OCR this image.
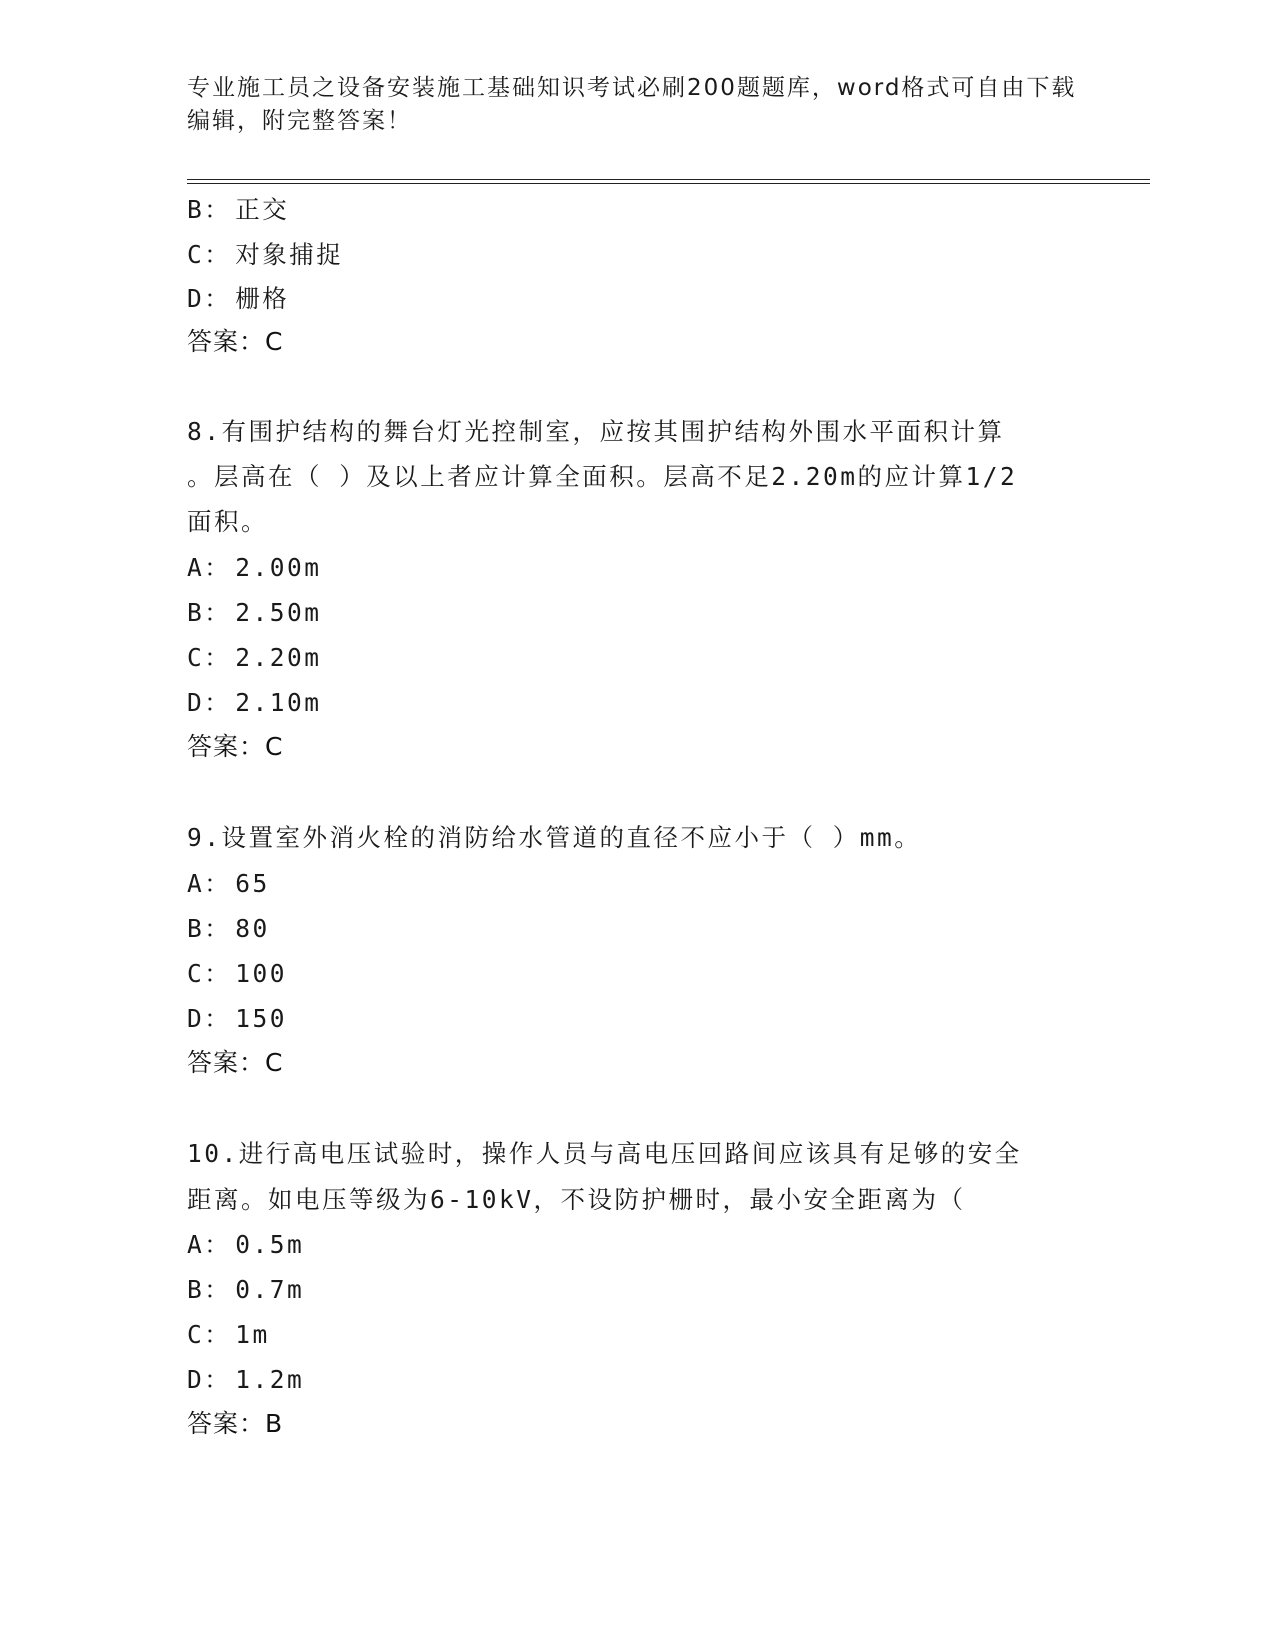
专业施工员之设备安装施工基础知识考试必刷200题题库，word格式可自由下载
编辑，附完整答案！
B： 正交
C： 对象捕捉
D： 栅格
答案：C
8.有围护结构的舞台灯光控制室，应按其围护结构外围水平面积计算
。层高在（ ）及以上者应计算全面积。层高不足2.20m的应计算1/2
面积。
A： 2.00m
B： 2.50m
C： 2.20m
D： 2.10m
答案：C
9.设置室外消火栓的消防给水管道的直径不应小于（ ）mm。
A： 65
B： 80
C： 100
D： 150
答案：C
10.进行高电压试验时，操作人员与高电压回路间应该具有足够的安全
距离。如电压等级为6-10kV，不设防护栅时，最小安全距离为（
A： 0.5m
B： 0.7m
C： 1m
D： 1.2m
答案：B
